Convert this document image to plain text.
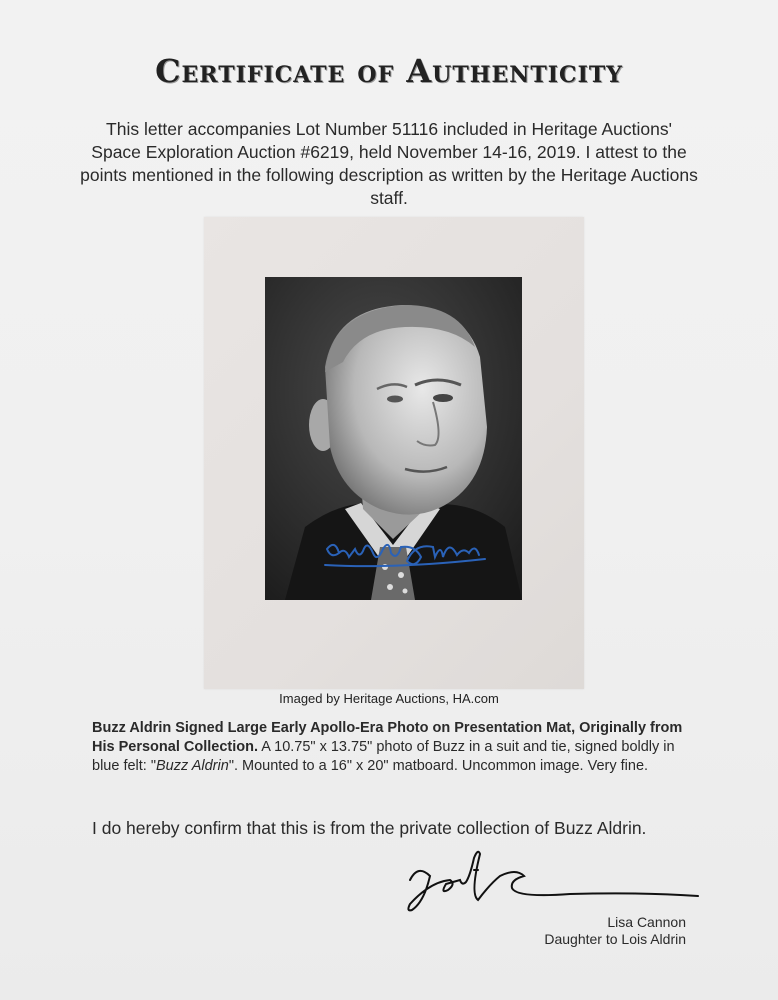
Certificate of Authenticity
This letter accompanies Lot Number 51116 included in Heritage Auctions' Space Exploration Auction #6219, held November 14-16, 2019. I attest to the points mentioned in the following description as written by the Heritage Auctions staff.
Imaged by Heritage Auctions, HA.com
Buzz Aldrin Signed Large Early Apollo-Era Photo on Presentation Mat, Originally from His Personal Collection. A 10.75" x 13.75" photo of Buzz in a suit and tie, signed boldly in blue felt: "Buzz Aldrin". Mounted to a 16" x 20" matboard. Uncommon image. Very fine.
I do hereby confirm that this is from the private collection of Buzz Aldrin.
Lisa Cannon
Daughter to Lois Aldrin
